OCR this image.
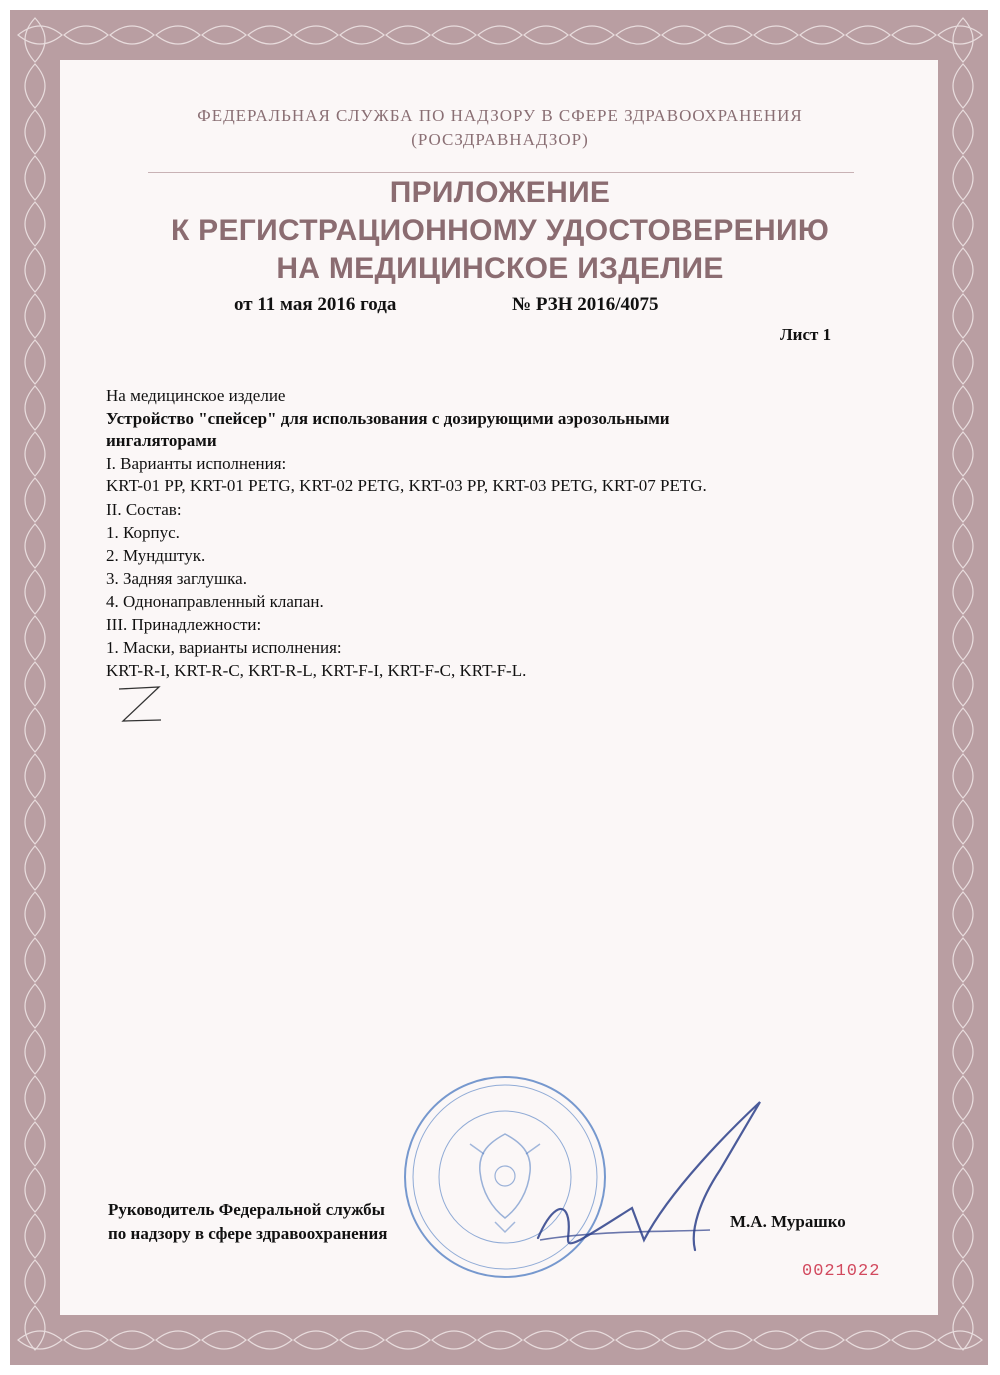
ФЕДЕРАЛЬНАЯ СЛУЖБА ПО НАДЗОРУ В СФЕРЕ ЗДРАВООХРАНЕНИЯ
(РОСЗДРАВНАДЗОР)
ПРИЛОЖЕНИЕ
К РЕГИСТРАЦИОННОМУ УДОСТОВЕРЕНИЮ
НА МЕДИЦИНСКОЕ ИЗДЕЛИЕ
от 11 мая 2016 года	№ РЗН 2016/4075
Лист 1
На медицинское изделие
Устройство "спейсер" для использования с дозирующими аэрозольными
ингаляторами
I. Варианты исполнения:
KRT-01 PP, KRT-01 PETG, KRT-02 PETG, KRT-03 PP, KRT-03 PETG, KRT-07 PETG.
II. Состав:
1. Корпус.
2. Мундштук.
3. Задняя заглушка.
4. Однонаправленный клапан.
III. Принадлежности:
1. Маски, варианты исполнения:
KRT-R-I, KRT-R-C, KRT-R-L, KRT-F-I, KRT-F-C, KRT-F-L.
Руководитель Федеральной службы
по надзору в сфере здравоохранения
М.А. Мурашко
0021022
